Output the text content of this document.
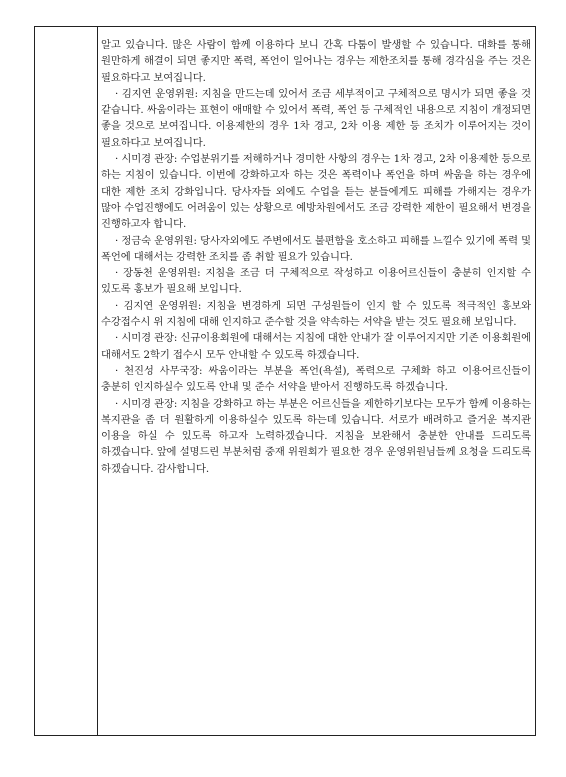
알고 있습니다. 많은 사람이 함께 이용하다 보니 간혹 다툼이 발생할 수 있습니다. 대화를 통해 원만하게 해결이 되면 좋지만 폭력, 폭언이 일어나는 경우는 제한조치를 통해 경각심을 주는 것은 필요하다고 보여집니다.

· 김지연 운영위원: 지침을 만드는데 있어서 조금 세부적이고 구체적으로 명시가 되면 좋을 것 같습니다. 싸움이라는 표현이 애매할 수 있어서 폭력, 폭언 등 구체적인 내용으로 지침이 개정되면 좋을 것으로 보여집니다. 이용제한의 경우 1차 경고, 2차 이용 제한 등 조치가 이루어지는 것이 필요하다고 보여집니다.

· 시미경 관장: 수업분위기를 저해하거나 경미한 사항의 경우는 1차 경고, 2차 이용제한 등으로 하는 지침이 있습니다. 이번에 강화하고자 하는 것은 폭력이나 폭언을 하며 싸움을 하는 경우에 대한 제한 조치 강화입니다. 당사자들 외에도 수업을 듣는 분들에게도 피해를 가해지는 경우가 많아 수업진행에도 어려움이 있는 상황으로 예방차원에서도 조금 강력한 제한이 필요해서 변경을 진행하고자 합니다.

· 정금숙 운영위원: 당사자외에도 주변에서도 불편함을 호소하고 피해를 느낄수 있기에 폭력 및 폭언에 대해서는 강력한 조치를 좀 취할 필요가 있습니다.

· 장동천 운영위원: 지침을 조금 더 구체적으로 작성하고 이용어르신들이 충분히 인지할 수 있도록 홍보가 필요해 보입니다.

· 김지연 운영위원: 지침을 변경하게 되면 구성원들이 인지 할 수 있도록 적극적인 홍보와 수강접수시 위 지침에 대해 인지하고 준수할 것을 약속하는 서약을 받는 것도 필요해 보입니다.

· 시미경 관장: 신규이용회원에 대해서는 지침에 대한 안내가 잘 이루어지지만 기존 이용회원에 대해서도 2학기 접수시 모두 안내할 수 있도록 하겠습니다.

· 천진성 사무국장: 싸움이라는 부분을 폭언(욕설), 폭력으로 구체화 하고 이용어르신들이 충분히 인지하실수 있도록 안내 및 준수 서약을 받아서 진행하도록 하겠습니다.

· 시미경 관장: 지침을 강화하고 하는 부분은 어르신들을 제한하기보다는 모두가 함께 이용하는 복지관을 좀 더 원활하게 이용하실수 있도록 하는데 있습니다. 서로가 배려하고 즐거운 복지관 이용을 하실 수 있도록 하고자 노력하겠습니다. 지침을 보완해서 충분한 안내를 드리도록 하겠습니다. 앞에 설명드린 부분처럼 중재 위원회가 필요한 경우 운영위원님들께 요청을 드리도록 하겠습니다. 감사합니다.
